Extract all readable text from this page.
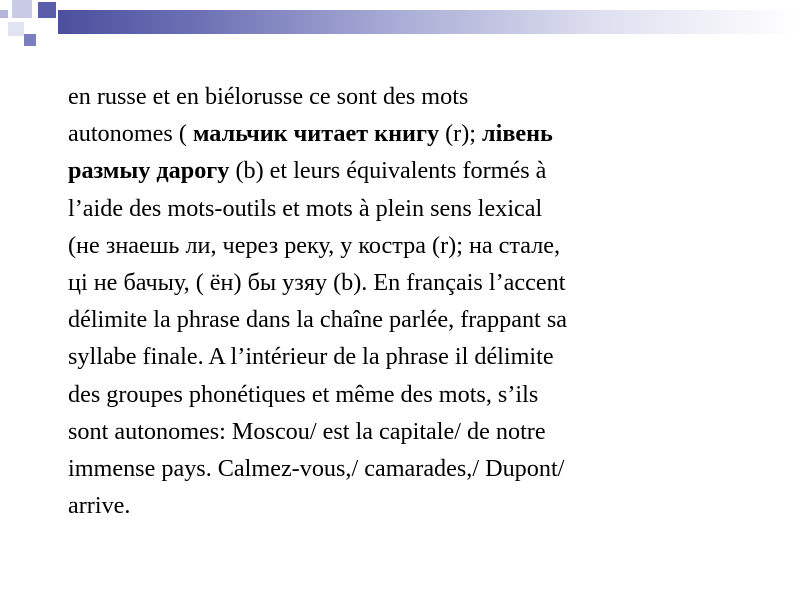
en russe et en biélorusse ce sont des mots
autonomes ( мальчик читает книгу (r); лівень
размыу дарогу (b) et leurs équivalents formés à
l’aide des mots-outils et mots à plein sens lexical
(не знаешь ли, через реку, у костра (r); на стале,
ці не бачыу, ( ён) бы узяу (b). En français l’accent
délimite la phrase dans la chaîne parlée, frappant sa
syllabe finale. A l’intérieur de la phrase il délimite
des groupes phonétiques et même des mots, s’ils
sont autonomes: Moscou/ est la capitale/ de notre
immense pays. Calmez-vous,/ camarades,/ Dupont/
arrive.
